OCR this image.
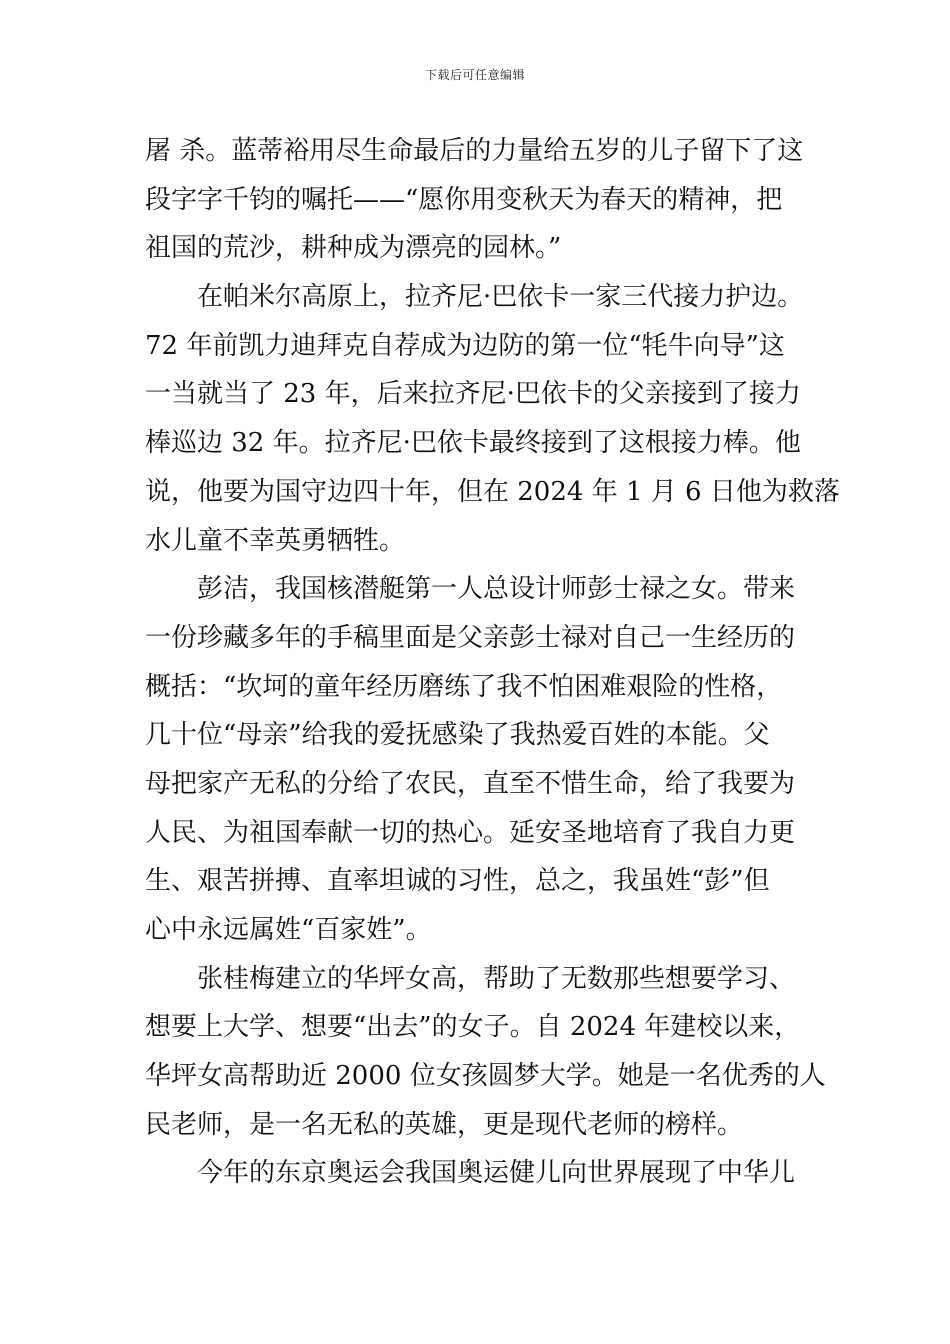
下载后可任意编辑
屠 杀。蓝蒂裕用尽生命最后的力量给五岁的儿子留下了这
段字字千钧的嘱托——“愿你用变秋天为春天的精神，把
祖国的荒沙，耕种成为漂亮的园林。”
在帕米尔高原上，拉齐尼·巴依卡一家三代接力护边。
72 年前凯力迪拜克自荐成为边防的第一位“牦牛向导”这
一当就当了 23 年，后来拉齐尼·巴依卡的父亲接到了接力
棒巡边 32 年。拉齐尼·巴依卡最终接到了这根接力棒。他
说，他要为国守边四十年，但在 2024 年 1 月 6 日他为救落
水儿童不幸英勇牺牲。
彭洁，我国核潜艇第一人总设计师彭士禄之女。带来
一份珍藏多年的手稿里面是父亲彭士禄对自己一生经历的
概括：“坎坷的童年经历磨练了我不怕困难艰险的性格，
几十位“母亲”给我的爱抚感染了我热爱百姓的本能。父
母把家产无私的分给了农民，直至不惜生命，给了我要为
人民、为祖国奉献一切的热心。延安圣地培育了我自力更
生、艰苦拼搏、直率坦诚的习性，总之，我虽姓“彭”但
心中永远属姓“百家姓”。
张桂梅建立的华坪女高，帮助了无数那些想要学习、
想要上大学、想要“出去”的女子。自 2024 年建校以来，
华坪女高帮助近 2000 位女孩圆梦大学。她是一名优秀的人
民老师，是一名无私的英雄，更是现代老师的榜样。
今年的东京奥运会我国奥运健儿向世界展现了中华儿
